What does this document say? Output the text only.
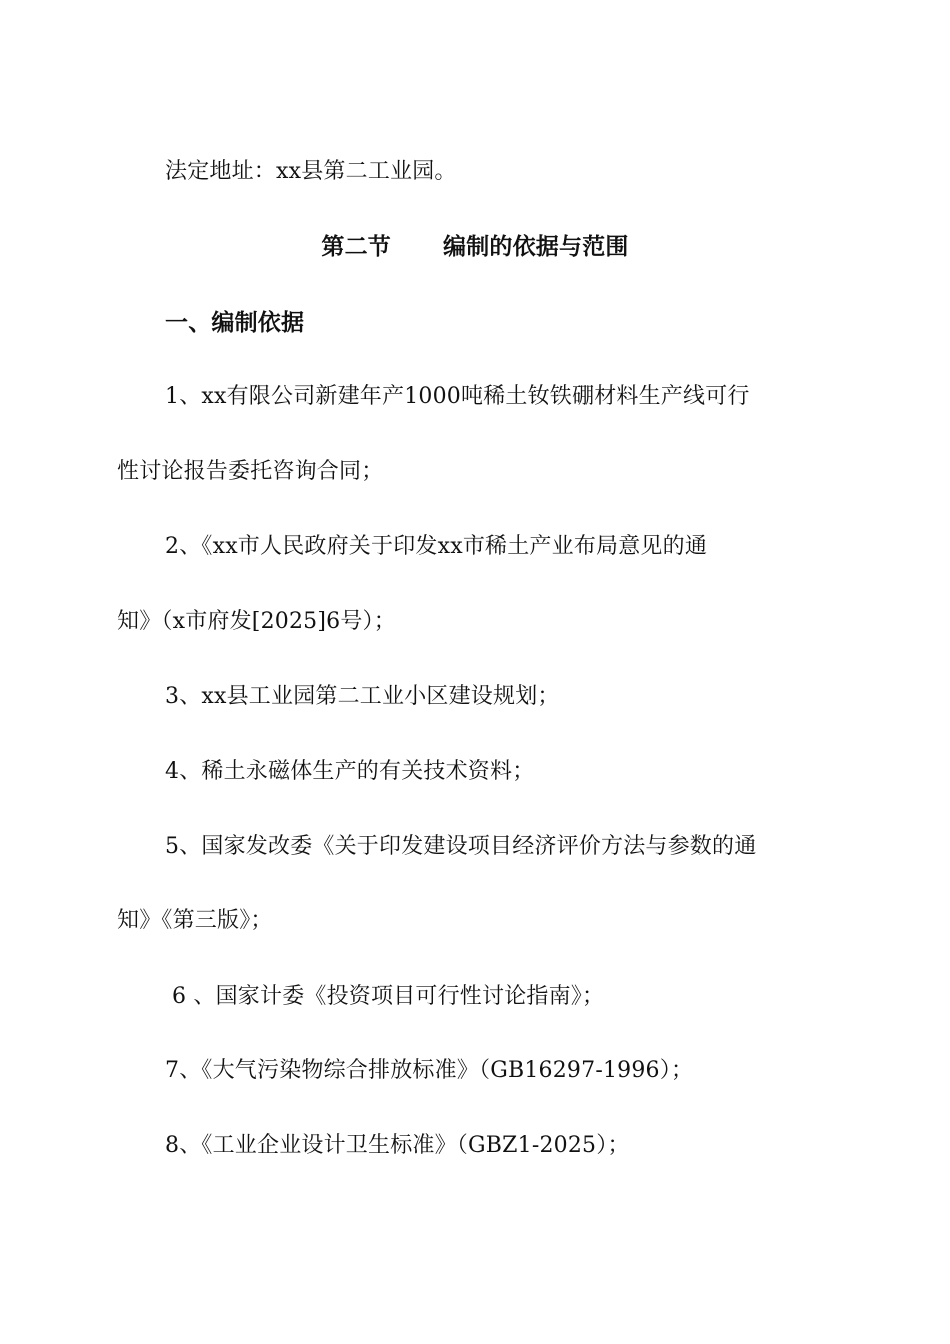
法定地址：xx县第二工业园。
第二节 编制的依据与范围
一、编制依据
1、xx有限公司新建年产1000吨稀土钕铁硼材料生产线可行
性讨论报告委托咨询合同；
2、《xx市人民政府关于印发xx市稀土产业布局意见的通
知》（x市府发[2025]6号）；
3、xx县工业园第二工业小区建设规划；
4、稀土永磁体生产的有关技术资料；
5、国家发改委《关于印发建设项目经济评价方法与参数的通
知》《第三版》；
6 、国家计委《投资项目可行性讨论指南》；
7、《大气污染物综合排放标准》（GB16297-1996）；
8、《工业企业设计卫生标准》（GBZ1-2025）；
